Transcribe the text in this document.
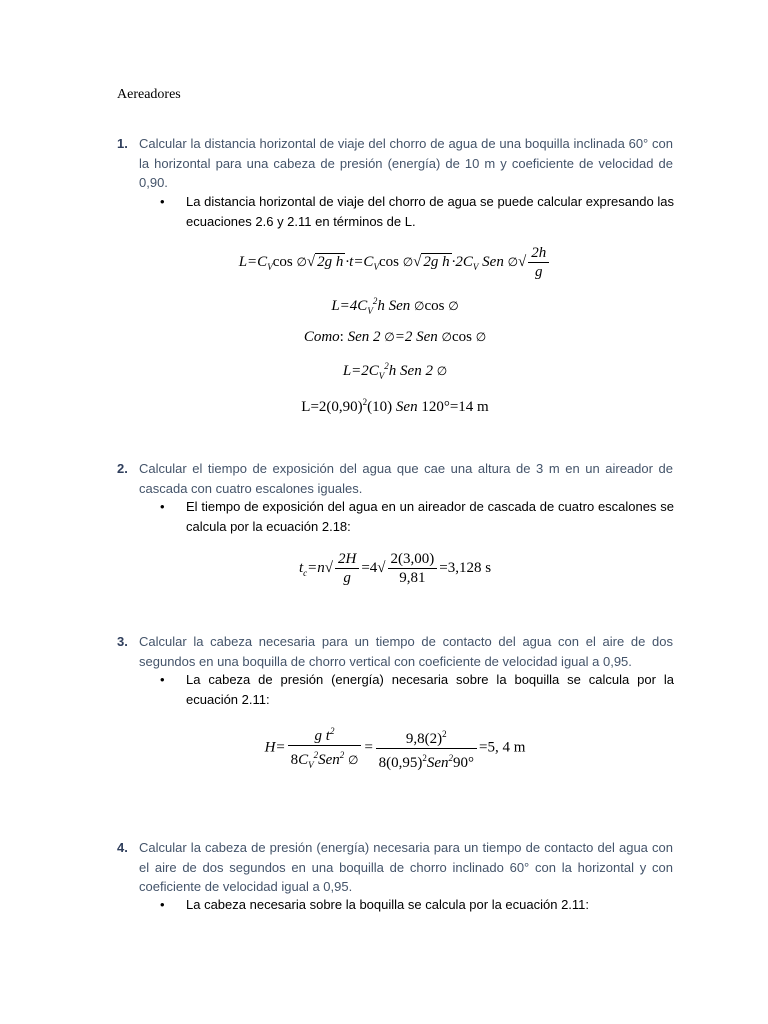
Aereadores
1. Calcular la distancia horizontal de viaje del chorro de agua de una boquilla inclinada 60° con la horizontal para una cabeza de presión (energía) de 10 m y coeficiente de velocidad de 0,90.
• La distancia horizontal de viaje del chorro de agua se puede calcular expresando las ecuaciones 2.6 y 2.11 en términos de L.
$L=C_V\cos$ ∅√ 2g $h \cdot t=C_V\cos$ ∅√ 2g $h \cdot 2C_V$ Sen ∅√ $\frac{2h}{g}$
$L=4C_V^2h$ Sen ∅cos ∅
Como: Sen 2 ∅=2 Sen ∅cos ∅
$L=2C_V^2h$ Sen 2 ∅
$L=2(0,90)^2(10)$ Sen 120°=14 m
2. Calcular el tiempo de exposición del agua que cae una altura de 3 m en un aireador de cascada con cuatro escalones iguales.
• El tiempo de exposición del agua en un aireador de cascada de cuatro escalones se calcula por la ecuación 2.18:
$t_c=n√ \frac{2H}{g} =4√ \frac{2(3,00)}{9,81} =3,128$ s
3. Calcular la cabeza necesaria para un tiempo de contacto del agua con el aire de dos segundos en una boquilla de chorro vertical con coeficiente de velocidad igual a 0,95.
• La cabeza de presión (energía) necesaria sobre la boquilla se calcula por la ecuación 2.11:
$H= \frac{g t^2}{8C_V^2Sen^2 \emptyset} = \frac{9,8(2)^2}{8(0,95)^2Sen^290^\circ} =5$, 4 m
4. Calcular la cabeza de presión (energía) necesaria para un tiempo de contacto del agua con el aire de dos segundos en una boquilla de chorro inclinado 60° con la horizontal y con coeficiente de velocidad igual a 0,95.
• La cabeza necesaria sobre la boquilla se calcula por la ecuación 2.11:
